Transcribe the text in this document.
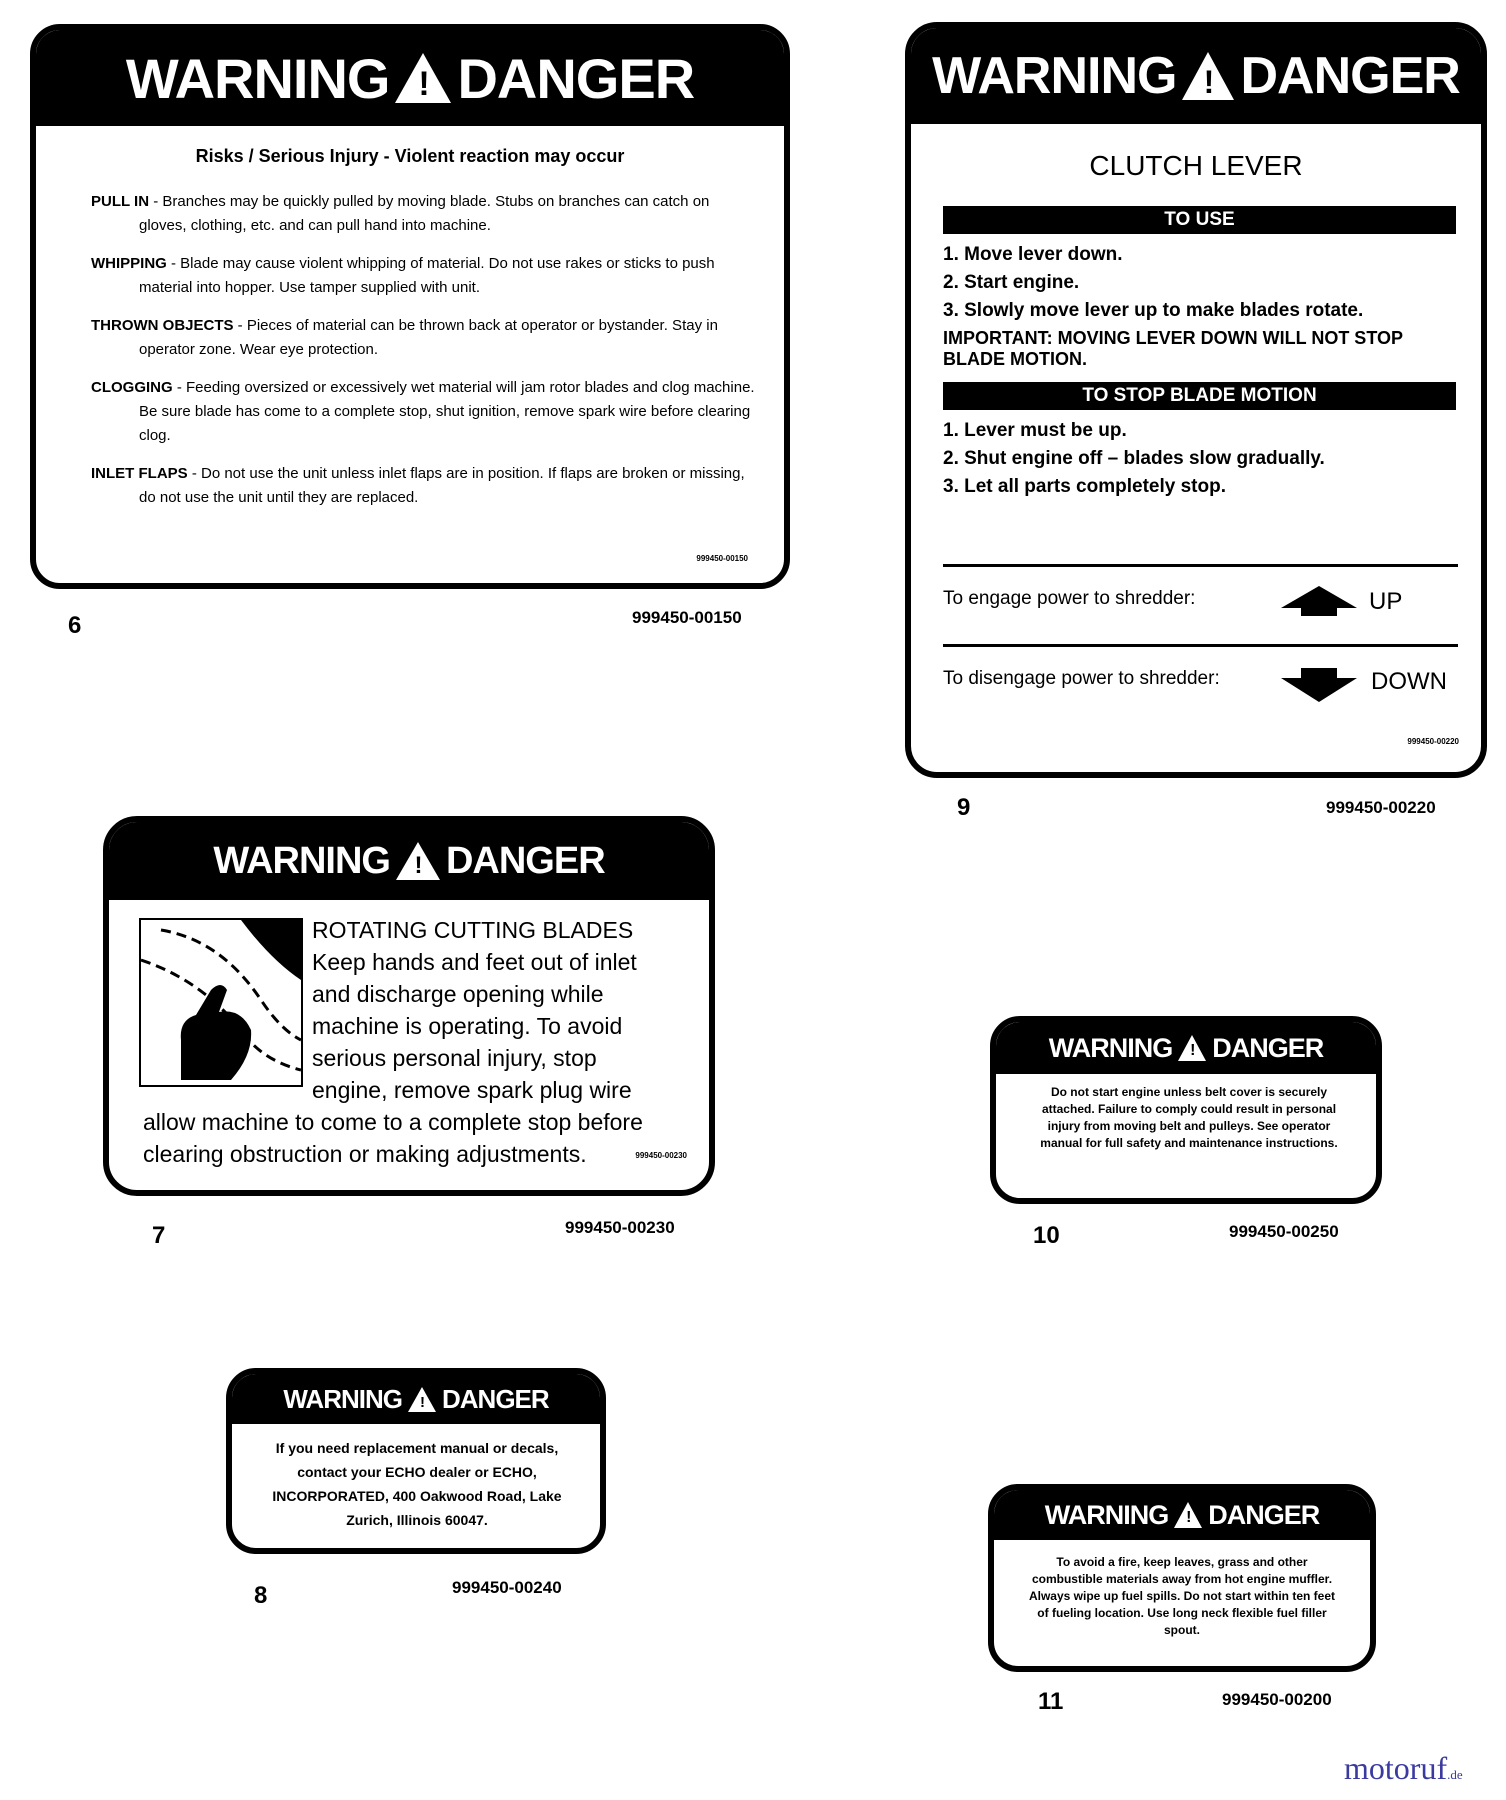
WARNING ! DANGER
Risks / Serious Injury - Violent reaction may occur

PULL IN - Branches may be quickly pulled by moving blade. Stubs on branches can catch on gloves, clothing, etc. and can pull hand into machine.

WHIPPING - Blade may cause violent whipping of material. Do not use rakes or sticks to push material into hopper. Use tamper supplied with unit.

THROWN OBJECTS - Pieces of material can be thrown back at operator or bystander. Stay in operator zone. Wear eye protection.

CLOGGING - Feeding oversized or excessively wet material will jam rotor blades and clog machine. Be sure blade has come to a complete stop, shut ignition, remove spark wire before clearing clog.

INLET FLAPS - Do not use the unit unless inlet flaps are in position. If flaps are broken or missing, do not use the unit until they are replaced.

999450-00150
6	999450-00150
WARNING ! DANGER
CLUTCH LEVER
TO USE
1. Move lever down.
2. Start engine.
3. Slowly move lever up to make blades rotate.
IMPORTANT: MOVING LEVER DOWN WILL NOT STOP BLADE MOTION.
TO STOP BLADE MOTION
1. Lever must be up.
2. Shut engine off – blades slow gradually.
3. Let all parts completely stop.
To engage power to shredder:	UP
To disengage power to shredder:	DOWN
999450-00220
9	999450-00220
WARNING ! DANGER
ROTATING CUTTING BLADES
Keep hands and feet out of inlet
and discharge opening while
machine is operating. To avoid
serious personal injury, stop
engine, remove spark plug wire
allow machine to come to a complete stop before
clearing obstruction or making adjustments.	999450-00230
7	999450-00230
WARNING ! DANGER
Do not start engine unless belt cover is securely attached. Failure to comply could result in personal injury from moving belt and pulleys. See operator manual for full safety and maintenance instructions.
10	999450-00250
WARNING ! DANGER
If you need replacement manual or decals, contact your ECHO dealer or ECHO, INCORPORATED, 400 Oakwood Road, Lake Zurich, Illinois 60047.
8	999450-00240
WARNING ! DANGER
To avoid a fire, keep leaves, grass and other combustible materials away from hot engine muffler. Always wipe up fuel spills. Do not start within ten feet of fueling location. Use long neck flexible fuel filler spout.
11	999450-00200
motoruf.de
